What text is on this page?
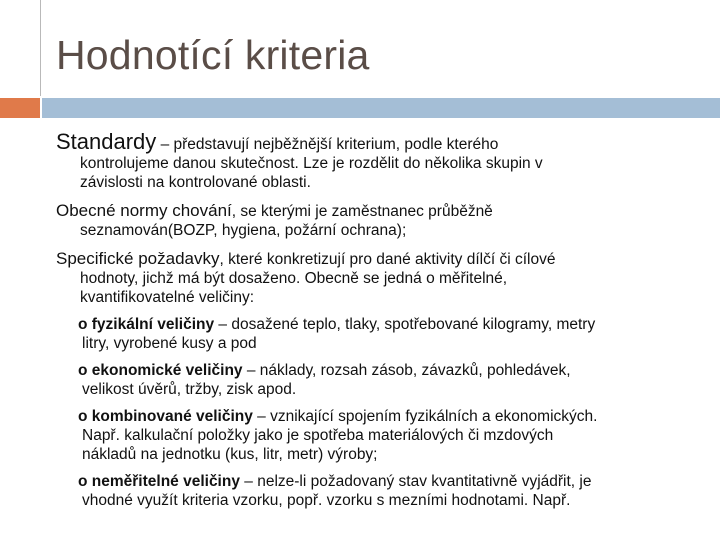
Hodnotící kriteria
Standardy – představují nejběžnější kriterium, podle kterého
kontrolujeme danou skutečnost. Lze je rozdělit do několika skupin v
závislosti na kontrolované oblasti.
Obecné normy chování, se kterými je zaměstnanec průběžně
seznamován(BOZP, hygiena, požární ochrana);
Specifické požadavky, které konkretizují pro dané aktivity dílčí či cílové
hodnoty, jichž má být dosaženo. Obecně se jedná o měřitelné,
kvantifikovatelné veličiny:
o fyzikální veličiny – dosažené teplo, tlaky, spotřebované kilogramy, metry
litry, vyrobené kusy a pod
o ekonomické veličiny – náklady, rozsah zásob, závazků, pohledávek,
velikost úvěrů, tržby, zisk apod.
o kombinované veličiny – vznikající spojením fyzikálních a ekonomických.
Např. kalkulační položky jako je spotřeba materiálových či mzdových
nákladů na jednotku (kus, litr, metr) výroby;
o neměřitelné veličiny – nelze-li požadovaný stav kvantitativně vyjádřit, je
vhodné využít kriteria vzorku, popř. vzorku s mezními hodnotami. Např.
